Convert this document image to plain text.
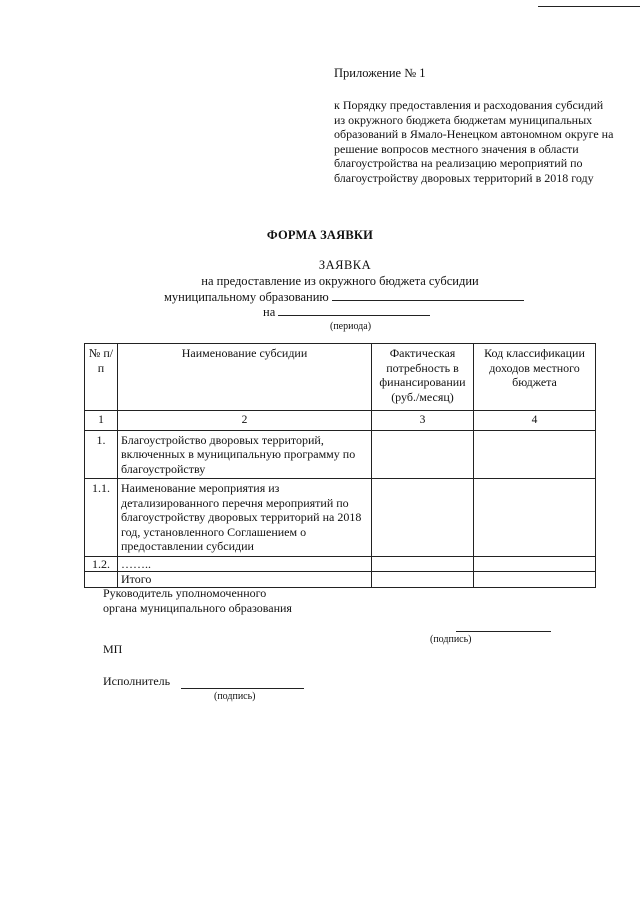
Приложение № 1
к Порядку предоставления и расходования субсидий из окружного бюджета бюджетам муниципальных образований в Ямало-Ненецком автономном округе на решение вопросов местного значения в области благоустройства на реализацию мероприятий по благоустройству дворовых территорий в 2018 году
ФОРМА ЗАЯВКИ
ЗАЯВКА
на предоставление из окружного бюджета субсидии
муниципальному образованию
на
(периода)
№ п/п	Наименование субсидии	Фактическая потребность в финансировании (руб./месяц)	Код классификации доходов местного бюджета
1	2	3	4
1.	Благоустройство дворовых территорий, включенных в муниципальную программу по благоустройству		
1.1.	Наименование мероприятия из детализированного перечня мероприятий по благоустройству дворовых территорий на 2018 год, установленного Соглашением о предоставлении субсидии		
1.2.	……..		
	Итого		
Руководитель уполномоченного органа муниципального образования
(подпись)
МП
Исполнитель
(подпись)
